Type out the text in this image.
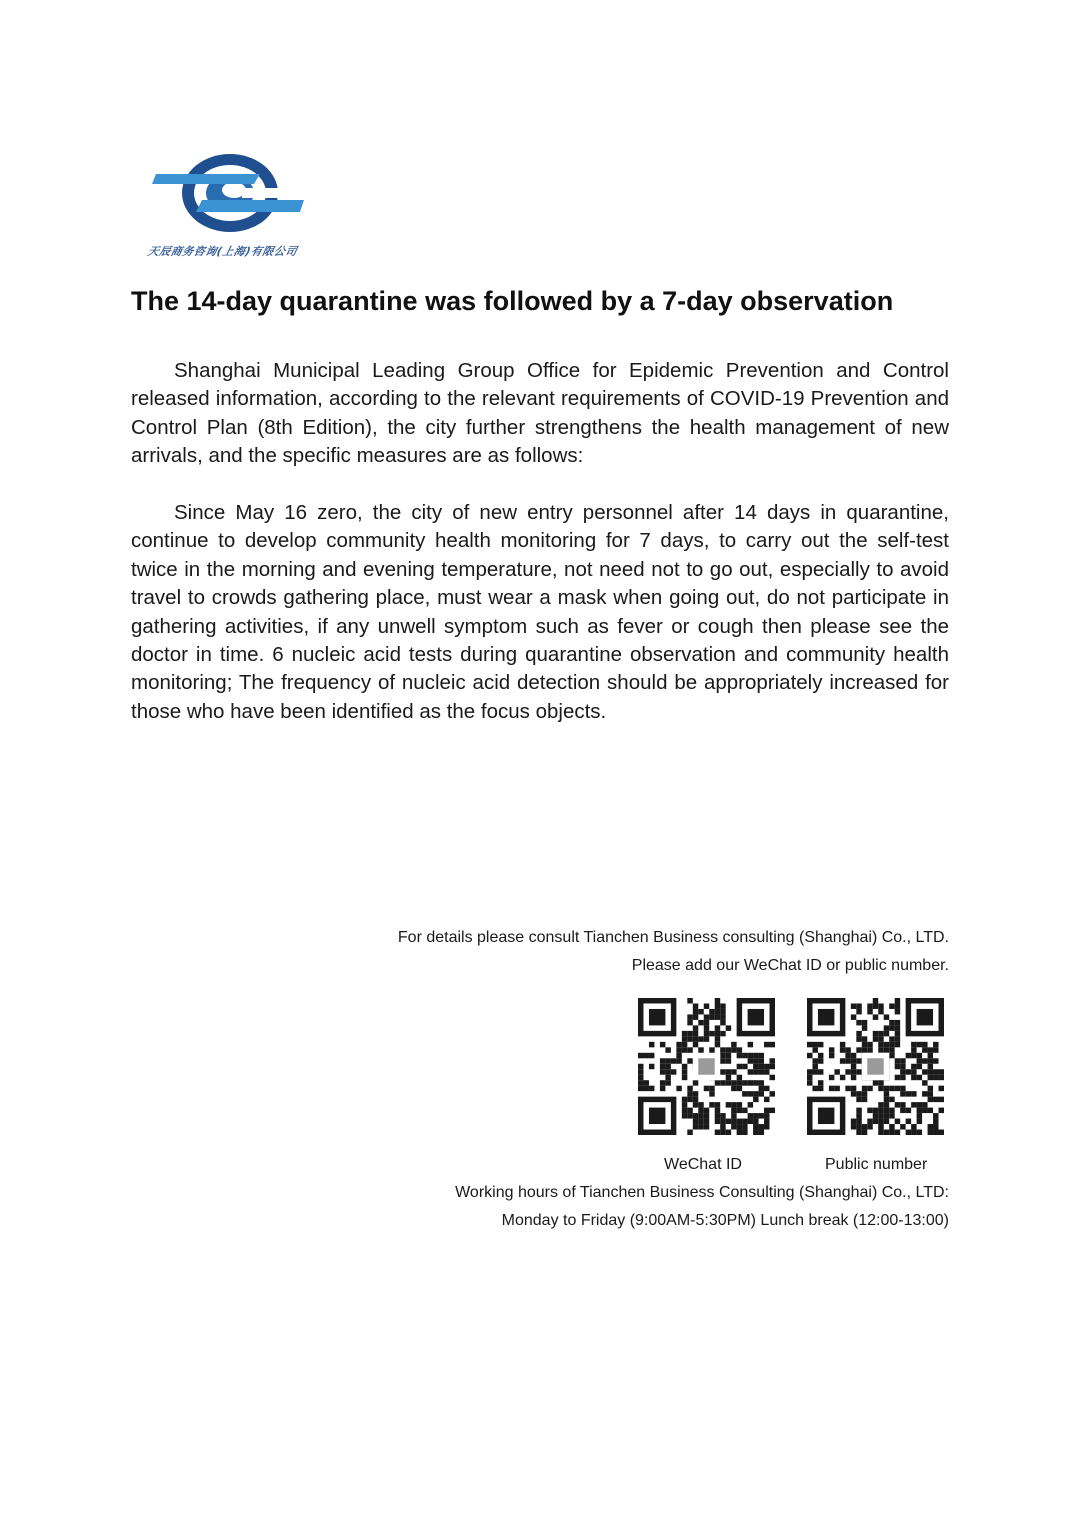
天辰商务咨询(上海)有限公司
The 14-day quarantine was followed by a 7-day observation

Shanghai Municipal Leading Group Office for Epidemic Prevention and Control released information, according to the relevant requirements of COVID-19 Prevention and Control Plan (8th Edition), the city further strengthens the health management of new arrivals, and the specific measures are as follows:

Since May 16 zero, the city of new entry personnel after 14 days in quarantine, continue to develop community health monitoring for 7 days, to carry out the self-test twice in the morning and evening temperature, not need not to go out, especially to avoid travel to crowds gathering place, must wear a mask when going out, do not participate in gathering activities, if any unwell symptom such as fever or cough then please see the doctor in time. 6 nucleic acid tests during quarantine observation and community health monitoring; The frequency of nucleic acid detection should be appropriately increased for those who have been identified as the focus objects.

For details please consult Tianchen Business consulting (Shanghai) Co., LTD.
Please add our WeChat ID or public number.
WeChat ID	Public number
Working hours of Tianchen Business Consulting (Shanghai) Co., LTD:
Monday to Friday (9:00AM-5:30PM) Lunch break (12:00-13:00)
